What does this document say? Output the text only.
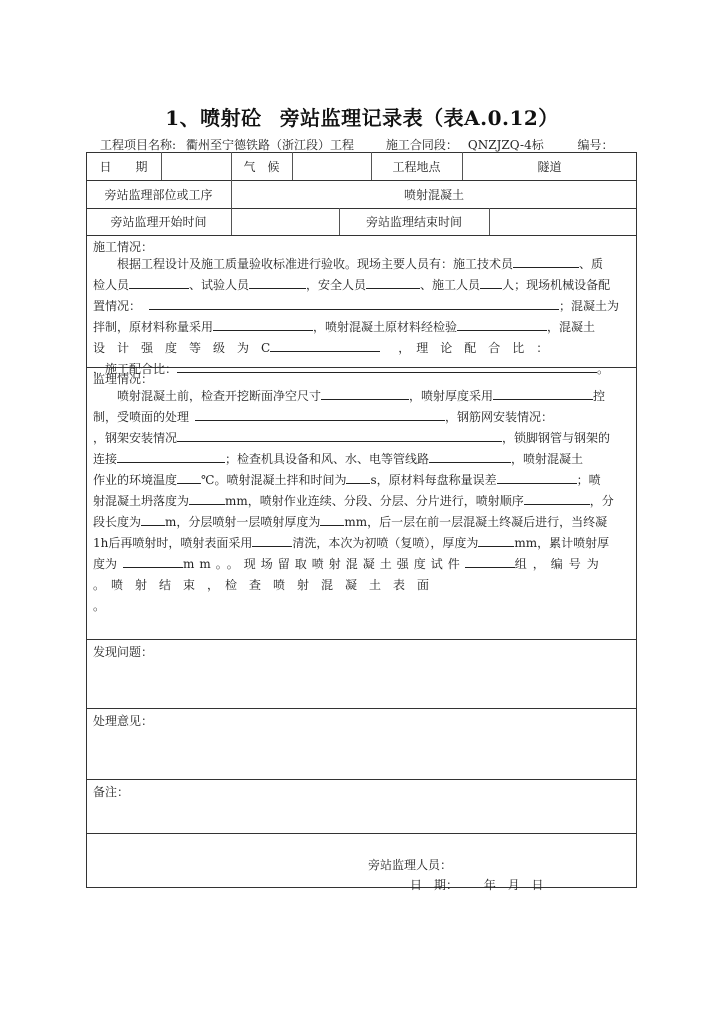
1、喷射砼 旁站监理记录表（表A.0.12）
工程项目名称: 衢州至宁德铁路（浙江段）工程	施工合同段： QNZJZQ-4标	编号：
日　　期	气　候	工程地点	隧道
旁站监理部位或工序	喷射混凝土
旁站监理开始时间	旁站监理结束时间
施工情况：
根据工程设计及施工质量验收标准进行验收。现场主要人员有：施工技术员	、质
检人员	、试验人员	，安全人员	、施工人员 人；现场机械设备配
置情况：	；混凝土为
拌制，原材料称量采用	，喷射混凝土原材料经检验	，混凝土
设　计　强　度　等　级　为　C	，　理　论　配　合　比　：
，施工配合比：	。
监理情况：
喷射混凝土前，检查开挖断面净空尺寸	，喷射厚度采用	控
制，受喷面的处理	，钢筋网安装情况：
，钢架安装情况	，锁脚钢管与钢架的
连接	；检查机具设备和风、水、电等管线路	，喷射混凝土
作业的环境温度 ℃。喷射混凝土拌和时间为 s，原材料每盘称量误差	；喷
射混凝土坍落度为	mm，喷射作业连续、分段、分层、分片进行，喷射顺序	，分
段长度为 m，分层喷射一层喷射厚度为 mm，后一层在前一层混凝土终凝后进行，当终凝
1h后再喷射时，喷射表面采用	清洗，本次为初喷（复喷），厚度为	mm，累计喷射厚
度为	mm。。现场留取喷射混凝土强度试件	组，编号为
。　喷　射　结　束　，　检　查　喷　射　混　凝　土　表　面
。
发现问题：
处理意见：
备注：
旁站监理人员：
日　期： 年 月 日
